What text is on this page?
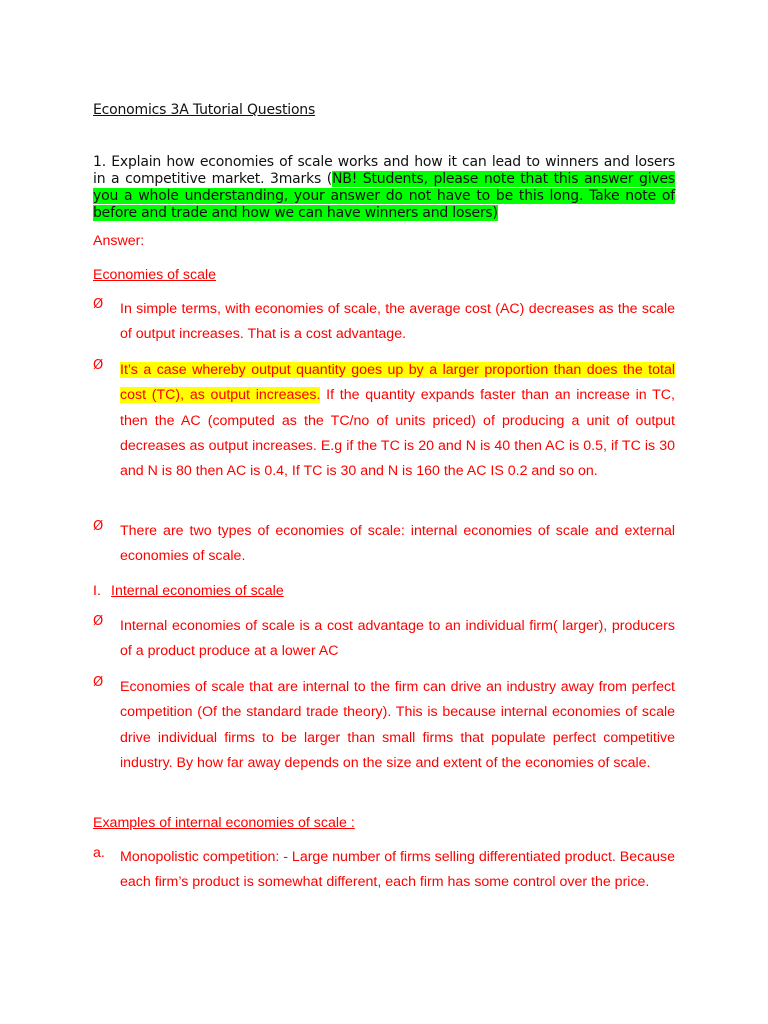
Economics 3A Tutorial Questions
1. Explain how economies of scale works and how it can lead to winners and losers in a competitive market. 3marks (NB! Students, please note that this answer gives you a whole understanding, your answer do not have to be this long. Take note of before and trade and how we can have winners and losers)
Answer:
Economies of scale
Ø	In simple terms, with economies of scale, the average cost (AC) decreases as the scale of output increases. That is a cost advantage.
Ø	It’s a case whereby output quantity goes up by a larger proportion than does the total cost (TC), as output increases. If the quantity expands faster than an increase in TC, then the AC (computed as the TC/no of units priced) of producing a unit of output decreases as output increases. E.g if the TC is 20 and N is 40 then AC is 0.5, if TC is 30 and N is 80 then AC is 0.4, If TC is 30 and N is 160 the AC IS 0.2 and so on.
Ø	There are two types of economies of scale: internal economies of scale and external economies of scale.
I. Internal economies of scale
Ø	Internal economies of scale is a cost advantage to an individual firm( larger), producers of a product produce at a lower AC
Ø	Economies of scale that are internal to the firm can drive an industry away from perfect competition (Of the standard trade theory). This is because internal economies of scale drive individual firms to be larger than small firms that populate perfect competitive industry. By how far away depends on the size and extent of the economies of scale.
Examples of internal economies of scale :
a.	Monopolistic competition: - Large number of firms selling differentiated product. Because each firm’s product is somewhat different, each firm has some control over the price.
